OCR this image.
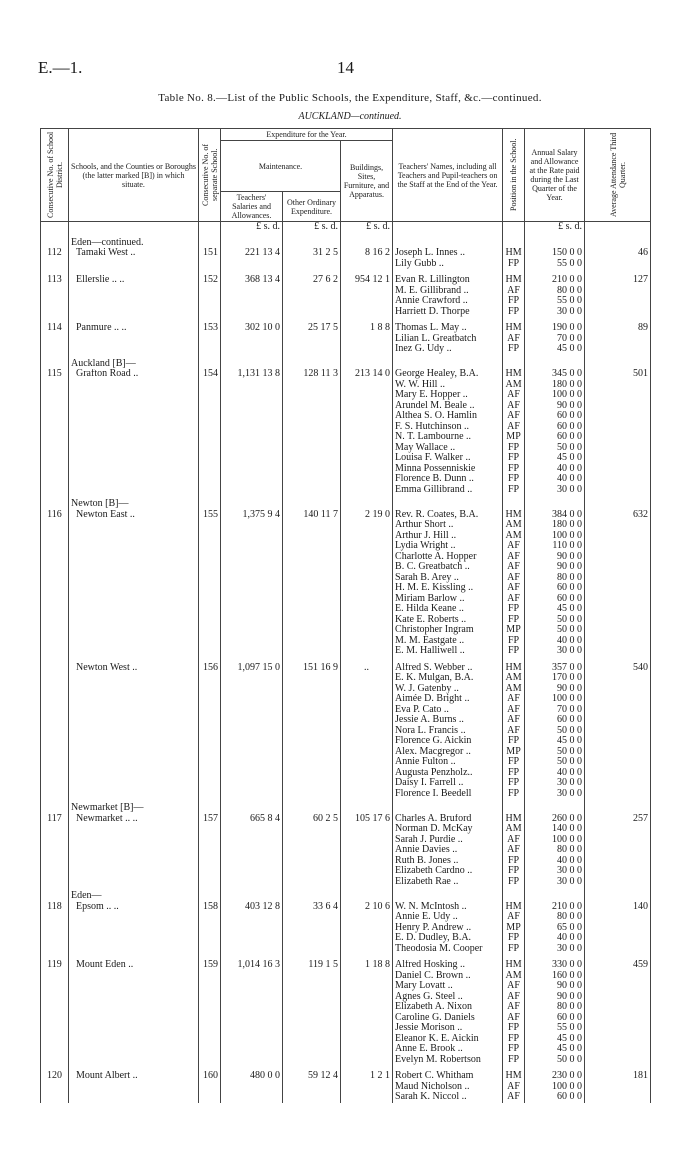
E.—1.	14
Table No. 8.—List of the Public Schools, the Expenditure, Staff, &c.—continued.
AUCKLAND—continued.
Consecutive No. of School District.	Schools, and the Counties or Boroughs (the latter marked [B]) in which situate.	Consecutive No. of separate School.	Expenditure for the Year.			Teachers' Names, including all Teachers and Pupil-teachers on the Staff at the End of the Year.	Position in the School.	Annual Salary and Allowance at the Rate paid during the Last Quarter of the Year.	Average Attendance Third Quarter.

			Maintenance.		Buildings, Sites, Furniture, and Apparatus.				
			Teachers' Salaries and Allowances.	Other Ordinary Expenditure.					
			£ s. d.	£ s. d.	£ s. d.			£ s. d.	
	Eden—continued.								
112	Tamaki West ..	151	221 13 4	31 2 5	8 16 2	Joseph L. Innes ..	HM	150 0 0	46
						Lily Gubb ..	FP	55 0 0	

113	Ellerslie .. ..	152	368 13 4	27 6 2	954 12 1	Evan R. Lillington	HM	210 0 0	127
						M. E. Gillibrand ..	AF	80 0 0	
						Annie Crawford ..	FP	55 0 0	
						Harriett D. Thorpe	FP	30 0 0	

114	Panmure .. ..	153	302 10 0	25 17 5	1 8 8	Thomas L. May ..	HM	190 0 0	89
						Lilian L. Greatbatch	AF	70 0 0	
						Inez G. Udy ..	FP	45 0 0	
	Auckland [B]—								
115	Grafton Road ..	154	1,131 13 8	128 11 3	213 14 0	George Healey, B.A.	HM	345 0 0	501
						W. W. Hill ..	AM	180 0 0	
						Mary E. Hopper ..	AF	100 0 0	
						Arundel M. Beale ..	AF	90 0 0	
						Althea S. O. Hamlin	AF	60 0 0	
						F. S. Hutchinson ..	AF	60 0 0	
						N. T. Lambourne ..	MP	60 0 0	
						May Wallace ..	FP	50 0 0	
						Louisa F. Walker ..	FP	45 0 0	
						Minna Possenniskie	FP	40 0 0	
						Florence B. Dunn ..	FP	40 0 0	
						Emma Gillibrand ..	FP	30 0 0	
	Newton [B]—								
116	Newton East ..	155	1,375 9 4	140 11 7	2 19 0	Rev. R. Coates, B.A.	HM	384 0 0	632
						Arthur Short ..	AM	180 0 0	
						Arthur J. Hill ..	AM	100 0 0	
						Lydia Wright ..	AF	110 0 0	
						Charlotte A. Hopper	AF	90 0 0	
						B. C. Greatbatch ..	AF	90 0 0	
						Sarah B. Arey ..	AF	80 0 0	
						H. M. E. Kissling ..	AF	60 0 0	
						Miriam Barlow ..	AF	60 0 0	
						E. Hilda Keane ..	FP	45 0 0	
						Kate E. Roberts ..	FP	50 0 0	
						Christopher Ingram	MP	50 0 0	
						M. M. Eastgate ..	FP	40 0 0	
						E. M. Halliwell ..	FP	30 0 0	

	Newton West ..	156	1,097 15 0	151 16 9	..	Alfred S. Webber ..	HM	357 0 0	540
						E. K. Mulgan, B.A.	AM	170 0 0	
						W. J. Gatenby ..	AM	90 0 0	
						Aimée D. Bright ..	AF	100 0 0	
						Eva P. Cato ..	AF	70 0 0	
						Jessie A. Burns ..	AF	60 0 0	
						Nora L. Francis ..	AF	50 0 0	
						Florence G. Aickin	FP	45 0 0	
						Alex. Macgregor ..	MP	50 0 0	
						Annie Fulton ..	FP	50 0 0	
						Augusta Penzholz..	FP	40 0 0	
						Daisy I. Farrell ..	FP	30 0 0	
						Florence I. Beedell	FP	30 0 0	
	Newmarket [B]—								
117	Newmarket .. ..	157	665 8 4	60 2 5	105 17 6	Charles A. Bruford	HM	260 0 0	257
						Norman D. McKay	AM	140 0 0	
						Sarah J. Purdie ..	AF	100 0 0	
						Annie Davies ..	AF	80 0 0	
						Ruth B. Jones ..	FP	40 0 0	
						Elizabeth Cardno ..	FP	30 0 0	
						Elizabeth Rae ..	FP	30 0 0	
	Eden—								
118	Epsom .. ..	158	403 12 8	33 6 4	2 10 6	W. N. McIntosh ..	HM	210 0 0	140
						Annie E. Udy ..	AF	80 0 0	
						Henry P. Andrew ..	MP	65 0 0	
						E. D. Dudley, B.A.	FP	40 0 0	
						Theodosia M. Cooper	FP	30 0 0	

119	Mount Eden ..	159	1,014 16 3	119 1 5	1 18 8	Alfred Hosking ..	HM	330 0 0	459
						Daniel C. Brown ..	AM	160 0 0	
						Mary Lovatt ..	AF	90 0 0	
						Agnes G. Steel ..	AF	90 0 0	
						Elizabeth A. Nixon	AF	80 0 0	
						Caroline G. Daniels	AF	60 0 0	
						Jessie Morison ..	FP	55 0 0	
						Eleanor K. E. Aickin	FP	45 0 0	
						Anne E. Brook ..	FP	45 0 0	
						Evelyn M. Robertson	FP	50 0 0	

120	Mount Albert ..	160	480 0 0	59 12 4	1 2 1	Robert C. Whitham	HM	230 0 0	181
						Maud Nicholson ..	AF	100 0 0	
						Sarah K. Niccol ..	AF	60 0 0	
